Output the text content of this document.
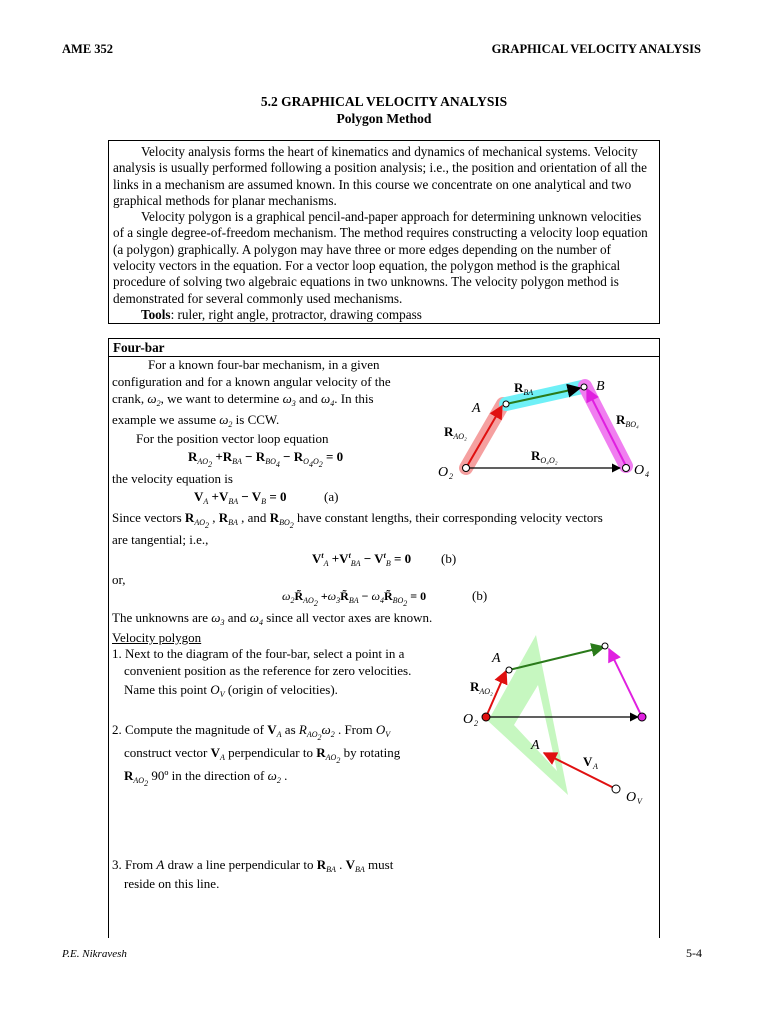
AME 352	GRAPHICAL VELOCITY ANALYSIS
5.2 GRAPHICAL VELOCITY ANALYSIS
Polygon Method

Velocity analysis forms the heart of kinematics and dynamics of mechanical systems. Velocity analysis is usually performed following a position analysis; i.e., the position and orientation of all the links in a mechanism are assumed known. In this course we concentrate on one analytical and two graphical methods for planar mechanisms.

Velocity polygon is a graphical pencil-and-paper approach for determining unknown velocities of a single degree-of-freedom mechanism. The method requires constructing a velocity loop equation (a polygon) graphically. A polygon may have three or more edges depending on the number of velocity vectors in the equation. For a vector loop equation, the polygon method is the graphical procedure of solving two algebraic equations in two unknowns. The velocity polygon method is demonstrated for several commonly used mechanisms.

Tools: ruler, right angle, protractor, drawing compass

Four-bar
For a known four-bar mechanism, in a given
configuration and for a known angular velocity of the
crank, $\omega_2$, we want to determine $\omega_3$ and $\omega_4$. In this
example we assume $\omega_2$ is CCW.
For the position vector loop equation
$R_{AO_2} +R_{BA} - R_{BO_4} - R_{O_4O_2} = 0$
the velocity equation is
$V_A +V_{BA} - V_B = 0$	(a)
Since vectors $R_{AO_2}$ , $R_{BA}$ , and $R_{BO_2}$ have constant lengths, their corresponding velocity vectors
are tangential; i.e.,
$V^t_A +V^t_{BA} - V^t_B = 0$ (b)
or,
$\omega_2R̃_{AO_2}$ $+\omega_3R̃_{BA}$ − $\omega_4R̃_{BO_2} = 0$	(b)
The unknowns are $\omega_3$ and $\omega_4$ since all vector axes are known.
Velocity polygon
1. Next to the diagram of the four-bar, select a point in a
convenient position as the reference for zero velocities.
Name this point $O_V$ (origin of velocities).
2. Compute the magnitude of $V_A$ as $R_{AO_2}\omega_2$ . From $O_V$
construct vector $V_A$ perpendicular to $R_{AO_2}$ by rotating
$R_{AO_2}$ 90º in the direction of $\omega_2$ .
3. From A draw a line perpendicular to $R_{BA}$ . $V_{BA}$ must
reside on this line.
A
B
O 2	O 4
$R_{AO_2}$
$R_{BA}$
$R_{BO_4}$
$R_{O_4O_2}$
A
$R_{AO_2}$
O 2
A
V A
O V
P.E. Nikravesh	5-4
